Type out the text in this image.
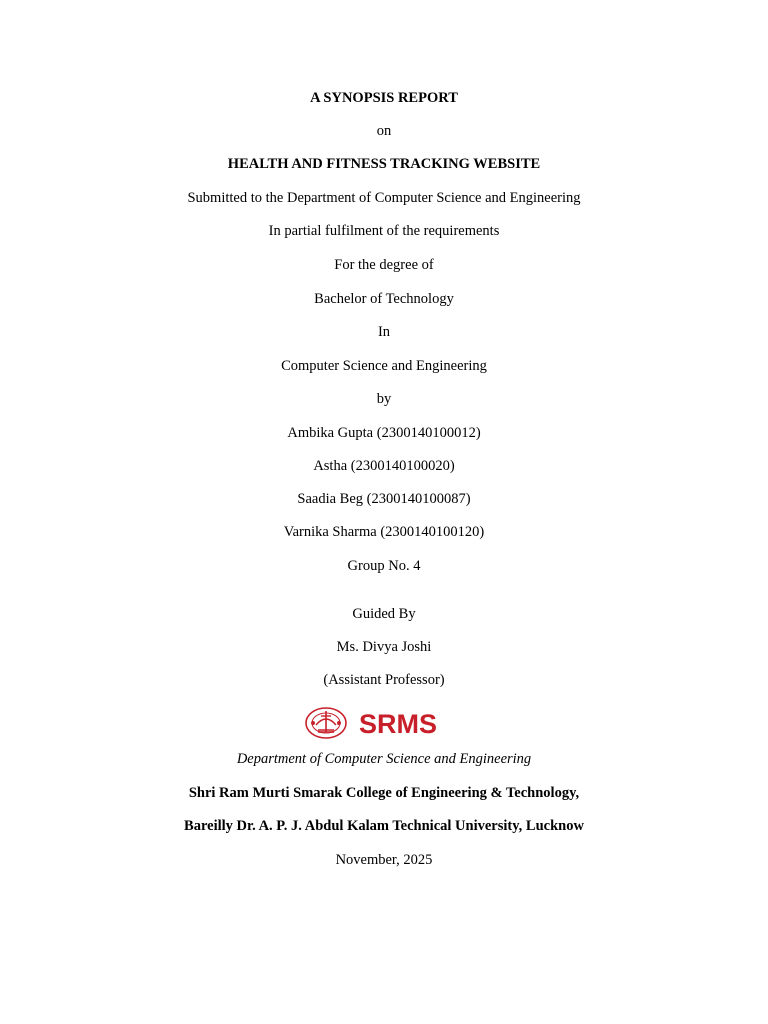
A SYNOPSIS REPORT
on
HEALTH AND FITNESS TRACKING WEBSITE
Submitted to the Department of Computer Science and Engineering
In partial fulfilment of the requirements
For the degree of
Bachelor of Technology
In
Computer Science and Engineering
by
Ambika Gupta (2300140100012)
Astha (2300140100020)
Saadia Beg (2300140100087)
Varnika Sharma (2300140100120)
Group No. 4
Guided By
Ms. Divya Joshi
(Assistant Professor)
SRMS
Department of Computer Science and Engineering
Shri Ram Murti Smarak College of Engineering & Technology,
Bareilly Dr. A. P. J. Abdul Kalam Technical University, Lucknow
November, 2025
